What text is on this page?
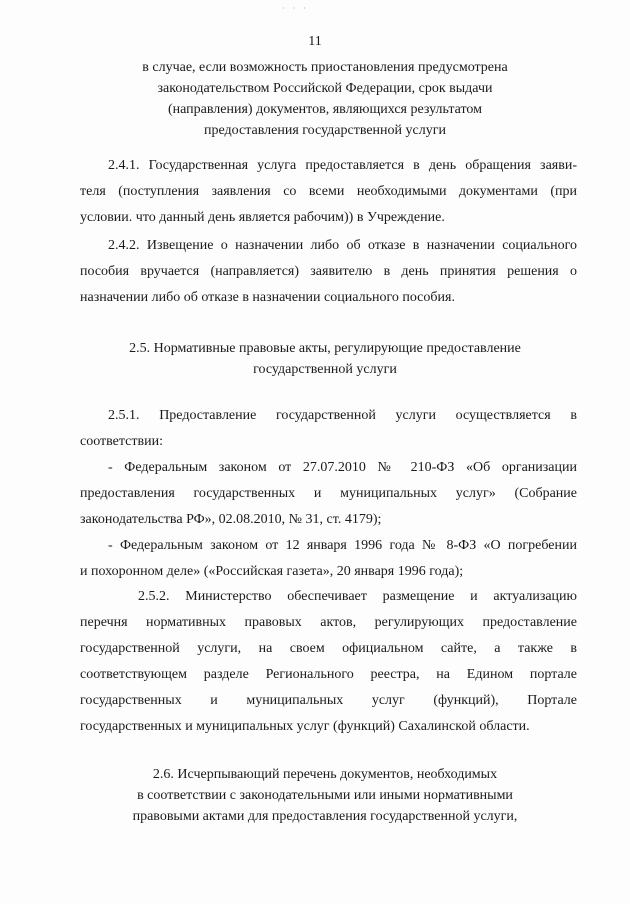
· · ·
11
в случае, если возможность приостановления предусмотрена
законодательством Российской Федерации, срок выдачи
(направления) документов, являющихся результатом
предоставления государственной услуги
2.4.1. Государственная услуга предоставляется в день обращения заяви-
теля (поступления заявления со всеми необходимыми документами (при
условии. что данный день является рабочим)) в Учреждение.
2.4.2. Извещение о назначении либо об отказе в назначении социального
пособия вручается (направляется) заявителю в день принятия решения о
назначении либо об отказе в назначении социального пособия.
2.5. Нормативные правовые акты, регулирующие предоставление
государственной услуги
2.5.1. Предоставление государственной услуги осуществляется в
соответствии:
- Федеральным законом от 27.07.2010 № 210-ФЗ «Об организации
предоставления государственных и муниципальных услуг» (Собрание
законодательства РФ», 02.08.2010, № 31, ст. 4179);
- Федеральным законом от 12 января 1996 года № 8-ФЗ «О погребении
и похоронном деле» («Российская газета», 20 января 1996 года);
2.5.2. Министерство обеспечивает размещение и актуализацию
перечня нормативных правовых актов, регулирующих предоставление
государственной услуги, на своем официальном сайте, а также в
соответствующем разделе Регионального реестра, на Едином портале
государственных и муниципальных услуг (функций), Портале
государственных и муниципальных услуг (функций) Сахалинской области.
2.6. Исчерпывающий перечень документов, необходимых
в соответствии с законодательными или иными нормативными
правовыми актами для предоставления государственной услуги,
